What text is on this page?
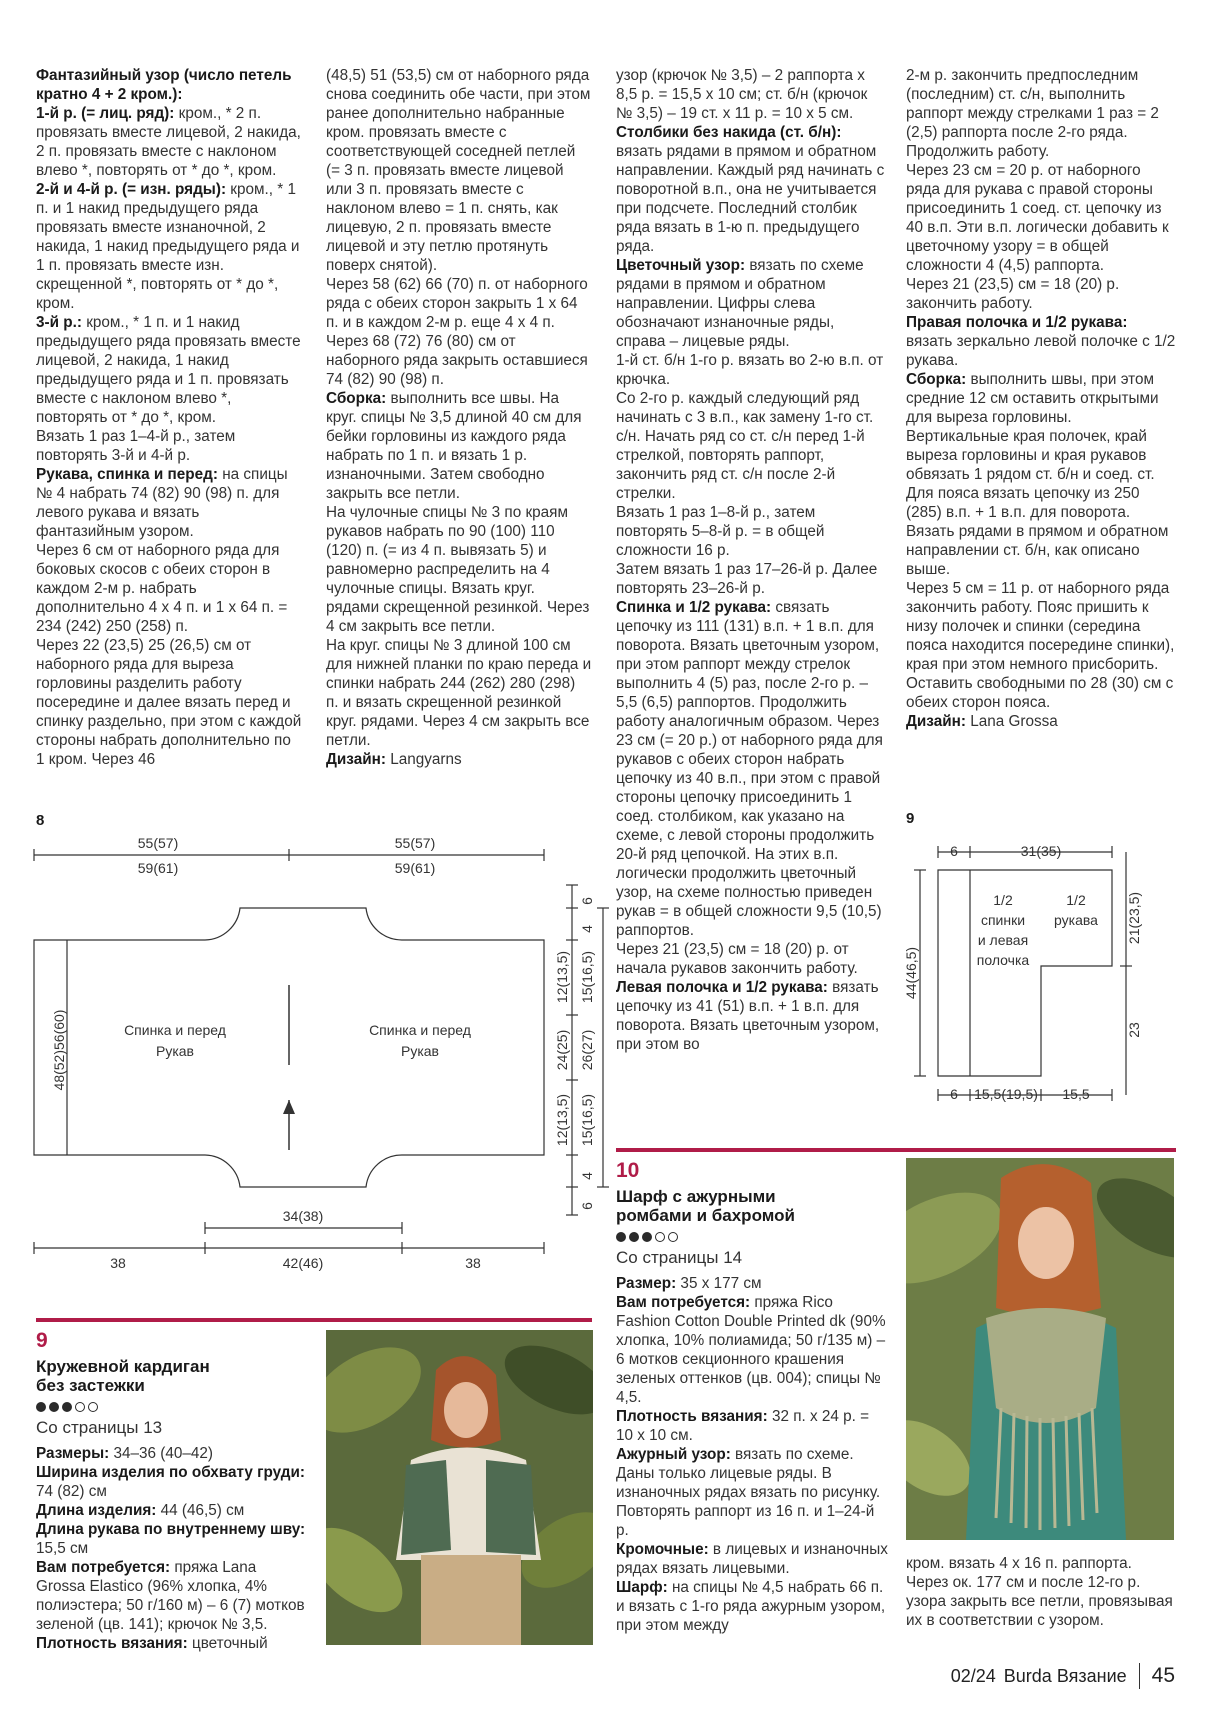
Фантазийный узор (число петель кратно 4 + 2 кром.):
1-й р. (= лиц. ряд): кром., * 2 п. провязать вместе лицевой, 2 накида, 2 п. провязать вместе с наклоном влево *, повторять от * до *, кром.
2-й и 4-й р. (= изн. ряды): кром., * 1 п. и 1 накид предыдущего ряда провязать вместе изнаночной, 2 накида, 1 накид предыдущего ряда и 1 п. провязать вместе изн. скрещенной *, повторять от * до *, кром.
3-й р.: кром., * 1 п. и 1 накид предыдущего ряда провязать вместе лицевой, 2 накида, 1 накид предыдущего ряда и 1 п. провязать вместе с наклоном влево *, повторять от * до *, кром.
Вязать 1 раз 1–4-й р., затем повторять 3-й и 4-й р.
Рукава, спинка и перед: на спицы № 4 набрать 74 (82) 90 (98) п. для левого рукава и вязать фантазийным узором.
Через 6 см от наборного ряда для боковых скосов с обеих сторон в каждом 2-м р. набрать дополнительно 4 х 4 п. и 1 х 64 п. = 234 (242) 250 (258) п.
Через 22 (23,5) 25 (26,5) см от наборного ряда для выреза горловины разделить работу посередине и далее вязать перед и спинку раздельно, при этом с каждой стороны набрать дополнительно по 1 кром. Через 46
(48,5) 51 (53,5) см от наборного ряда снова соединить обе части, при этом ранее дополнительно набранные кром. провязать вместе с соответствующей соседней петлей (= 3 п. провязать вместе лицевой или 3 п. провязать вместе с наклоном влево = 1 п. снять, как лицевую, 2 п. провязать вместе лицевой и эту петлю протянуть поверх снятой).
Через 58 (62) 66 (70) п. от наборного ряда с обеих сторон закрыть 1 х 64 п. и в каждом 2-м р. еще 4 х 4 п.
Через 68 (72) 76 (80) см от наборного ряда закрыть оставшиеся 74 (82) 90 (98) п.
Сборка: выполнить все швы. На круг. спицы № 3,5 длиной 40 см для бейки горловины из каждого ряда набрать по 1 п. и вязать 1 р. изнаночными. Затем свободно закрыть все петли.
На чулочные спицы № 3 по краям рукавов набрать по 90 (100) 110 (120) п. (= из 4 п. вывязать 5) и равномерно распределить на 4 чулочные спицы. Вязать круг. рядами скрещенной резинкой. Через 4 см закрыть все петли.
На круг. спицы № 3 длиной 100 см для нижней планки по краю переда и спинки набрать 244 (262) 280 (298) п. и вязать скрещенной резинкой круг. рядами. Через 4 см закрыть все петли.
Дизайн: Langyarns
узор (крючок № 3,5) – 2 раппорта х 8,5 р. = 15,5 х 10 см; ст. б/н (крючок № 3,5) – 19 ст. х 11 р. = 10 х 5 см.
Столбики без накида (ст. б/н): вязать рядами в прямом и обратном направлении. Каждый ряд начинать с поворотной в.п., она не учитывается при подсчете. Последний столбик ряда вязать в 1-ю п. предыдущего ряда.
Цветочный узор: вязать по схеме рядами в прямом и обратном направлении. Цифры слева обозначают изнаночные ряды, справа – лицевые ряды.
1-й ст. б/н 1-го р. вязать во 2-ю в.п. от крючка.
Со 2-го р. каждый следующий ряд начинать с 3 в.п., как замену 1-го ст. с/н. Начать ряд со ст. с/н перед 1-й стрелкой, повторять раппорт, закончить ряд ст. с/н после 2-й стрелки.
Вязать 1 раз 1–8-й р., затем повторять 5–8-й р. = в общей сложности 16 р.
Затем вязать 1 раз 17–26-й р. Далее повторять 23–26-й р.
Спинка и 1/2 рукава: связать цепочку из 111 (131) в.п. + 1 в.п. для поворота. Вязать цветочным узором, при этом раппорт между стрелок выполнить 4 (5) раз, после 2-го р. – 5,5 (6,5) раппортов. Продолжить работу аналогичным образом. Через 23 см (= 20 р.) от наборного ряда для рукавов с обеих сторон набрать цепочку из 40 в.п., при этом с правой стороны цепочку присоединить 1 соед. столбиком, как указано на схеме, с левой стороны продолжить 20-й ряд цепочкой. На этих в.п. логически продолжить цветочный узор, на схеме полностью приведен рукав = в общей сложности 9,5 (10,5) раппортов.
Через 21 (23,5) см = 18 (20) р. от начала рукавов закончить работу.
Левая полочка и 1/2 рукава: вязать цепочку из 41 (51) в.п. + 1 в.п. для поворота. Вязать цветочным узором, при этом во
2-м р. закончить предпоследним (последним) ст. с/н, выполнить раппорт между стрелками 1 раз = 2 (2,5) раппорта после 2-го ряда.
Продолжить работу.
Через 23 см = 20 р. от наборного ряда для рукава с правой стороны присоединить 1 соед. ст. цепочку из 40 в.п. Эти в.п. логически добавить к цветочному узору = в общей сложности 4 (4,5) раппорта.
Через 21 (23,5) см = 18 (20) р. закончить работу.
Правая полочка и 1/2 рукава: вязать зеркально левой полочке с 1/2 рукава.
Сборка: выполнить швы, при этом средние 12 см оставить открытыми для выреза горловины. Вертикальные края полочек, край выреза горловины и края рукавов обвязать 1 рядом ст. б/н и соед. ст.
Для пояса вязать цепочку из 250 (285) в.п. + 1 в.п. для поворота. Вязать рядами в прямом и обратном направлении ст. б/н, как описано выше.
Через 5 см = 11 р. от наборного ряда закончить работу. Пояс пришить к низу полочек и спинки (середина пояса находится посередине спинки), края при этом немного присборить. Оставить свободными по 28 (30) см с обеих сторон пояса.
Дизайн: Lana Grossa
8
55(57)
59(61)
55(57)
59(61)
Спинка и перед
Рукав
Спинка и перед
Рукав
48(52)56(60)
6
4
15(16,5)
26(27)
15(16,5)
4
6
12(13,5)
24(25)
12(13,5)
34(38)
38	42(46)	38
9
6	31(35)
1/2
спинки
и левая
полочка
1/2
рукава
44(46,5)
21(23,5)
23
6 15,5(19,5) 15,5
9
Кружевной кардиган
без застежки
Со страницы 13
Размеры: 34–36 (40–42)
Ширина изделия по обхвату груди: 74 (82) см
Длина изделия: 44 (46,5) см
Длина рукава по внутреннему шву: 15,5 см
Вам потребуется: пряжа Lana Grossa Elastico (96% хлопка, 4% полиэстера; 50 г/160 м) – 6 (7) мотков зеленой (цв. 141); крючок № 3,5.
Плотность вязания: цветочный
10
Шарф с ажурными
ромбами и бахромой
Со страницы 14
Размер: 35 х 177 см
Вам потребуется: пряжа Rico Fashion Cotton Double Printed dk (90% хлопка, 10% полиамида; 50 г/135 м) – 6 мотков секционного крашения зеленых оттенков (цв. 004); спицы № 4,5.
Плотность вязания: 32 п. х 24 р. = 10 х 10 см.
Ажурный узор: вязать по схеме. Даны только лицевые ряды. В изнаночных рядах вязать по рисунку.
Повторять раппорт из 16 п. и 1–24-й р.
Кромочные: в лицевых и изнаночных рядах вязать лицевыми.
Шарф: на спицы № 4,5 набрать 66 п. и вязать с 1-го ряда ажурным узором, при этом между
кром. вязать 4 х 16 п. раппорта. Через ок. 177 см и после 12-го р. узора закрыть все петли, провязывая их в соответствии с узором.
02/24 Burda Вязание 45
